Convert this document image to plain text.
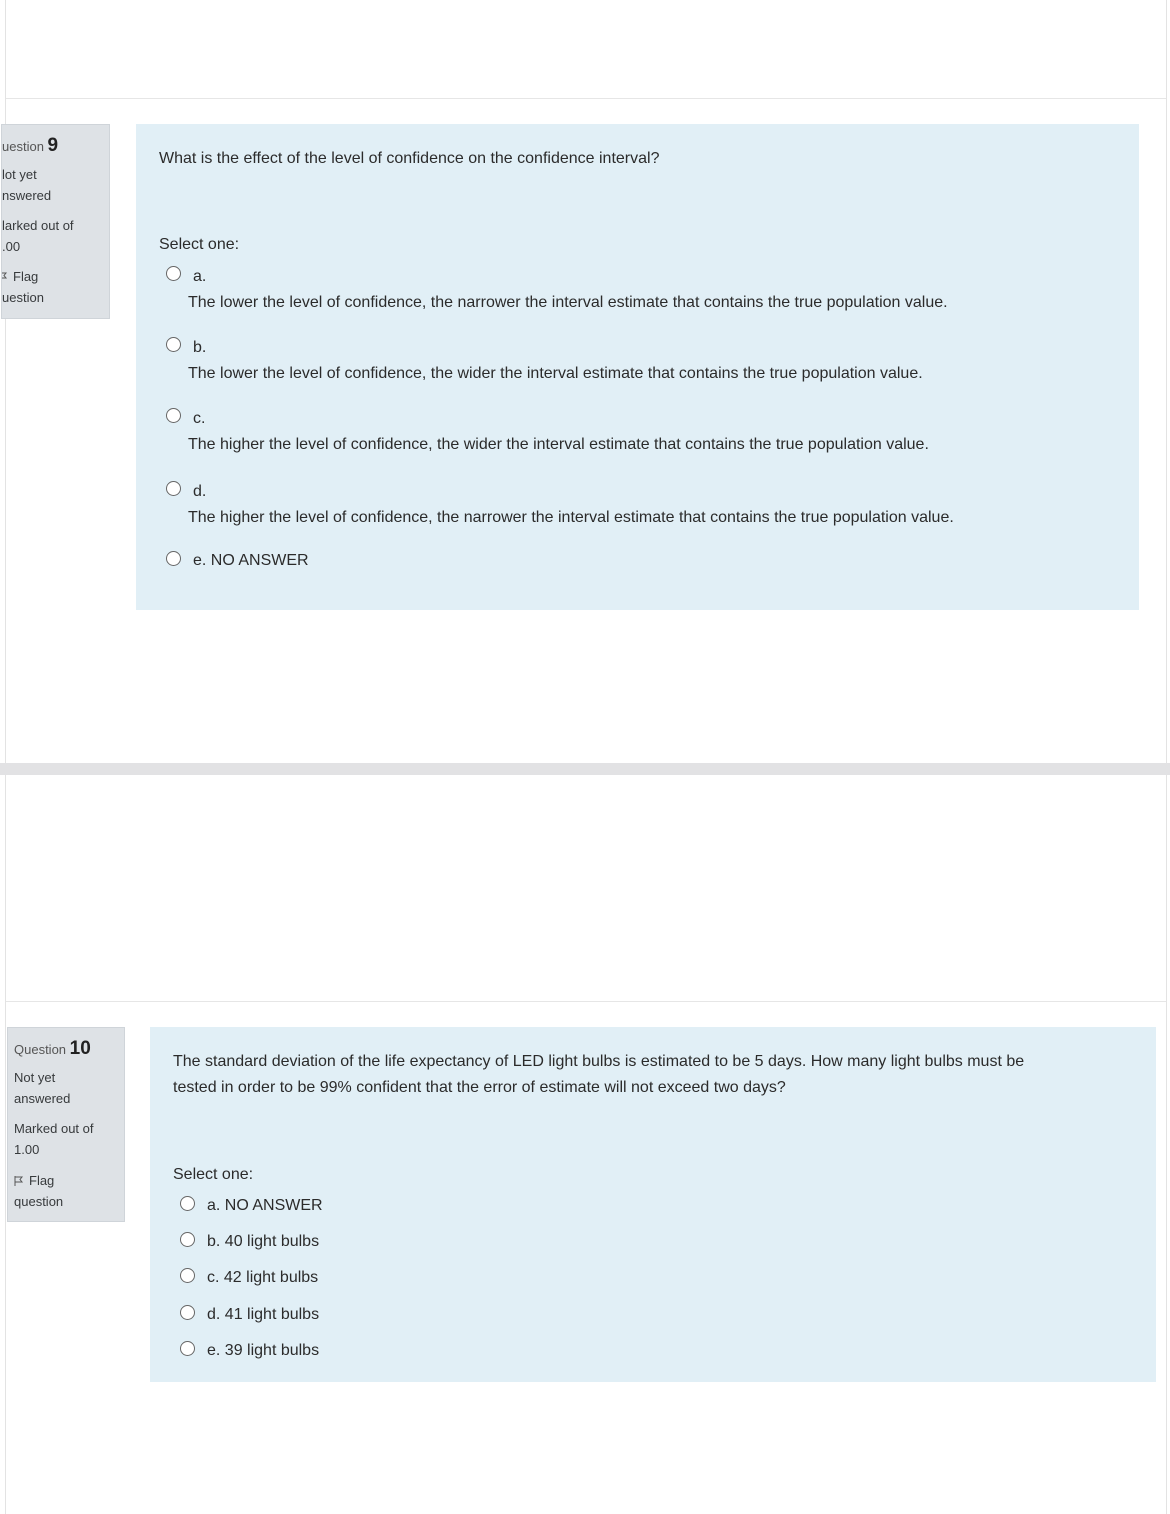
uestion 9
lot yet
nswered
larked out of
.00
Flag
uestion
What is the effect of the level of confidence on the confidence interval?
Select one:
a.
The lower the level of confidence, the narrower the interval estimate that contains the true population value.
b.
The lower the level of confidence, the wider the interval estimate that contains the true population value.
c.
The higher the level of confidence, the wider the interval estimate that contains the true population value.
d.
The higher the level of confidence, the narrower the interval estimate that contains the true population value.
e. NO ANSWER
Question 10
Not yet
answered
Marked out of
1.00
Flag
question
The standard deviation of the life expectancy of LED light bulbs is estimated to be 5 days. How many light bulbs must be
tested in order to be 99% confident that the error of estimate will not exceed two days?
Select one:
a. NO ANSWER
b. 40 light bulbs
c. 42 light bulbs
d. 41 light bulbs
e. 39 light bulbs
